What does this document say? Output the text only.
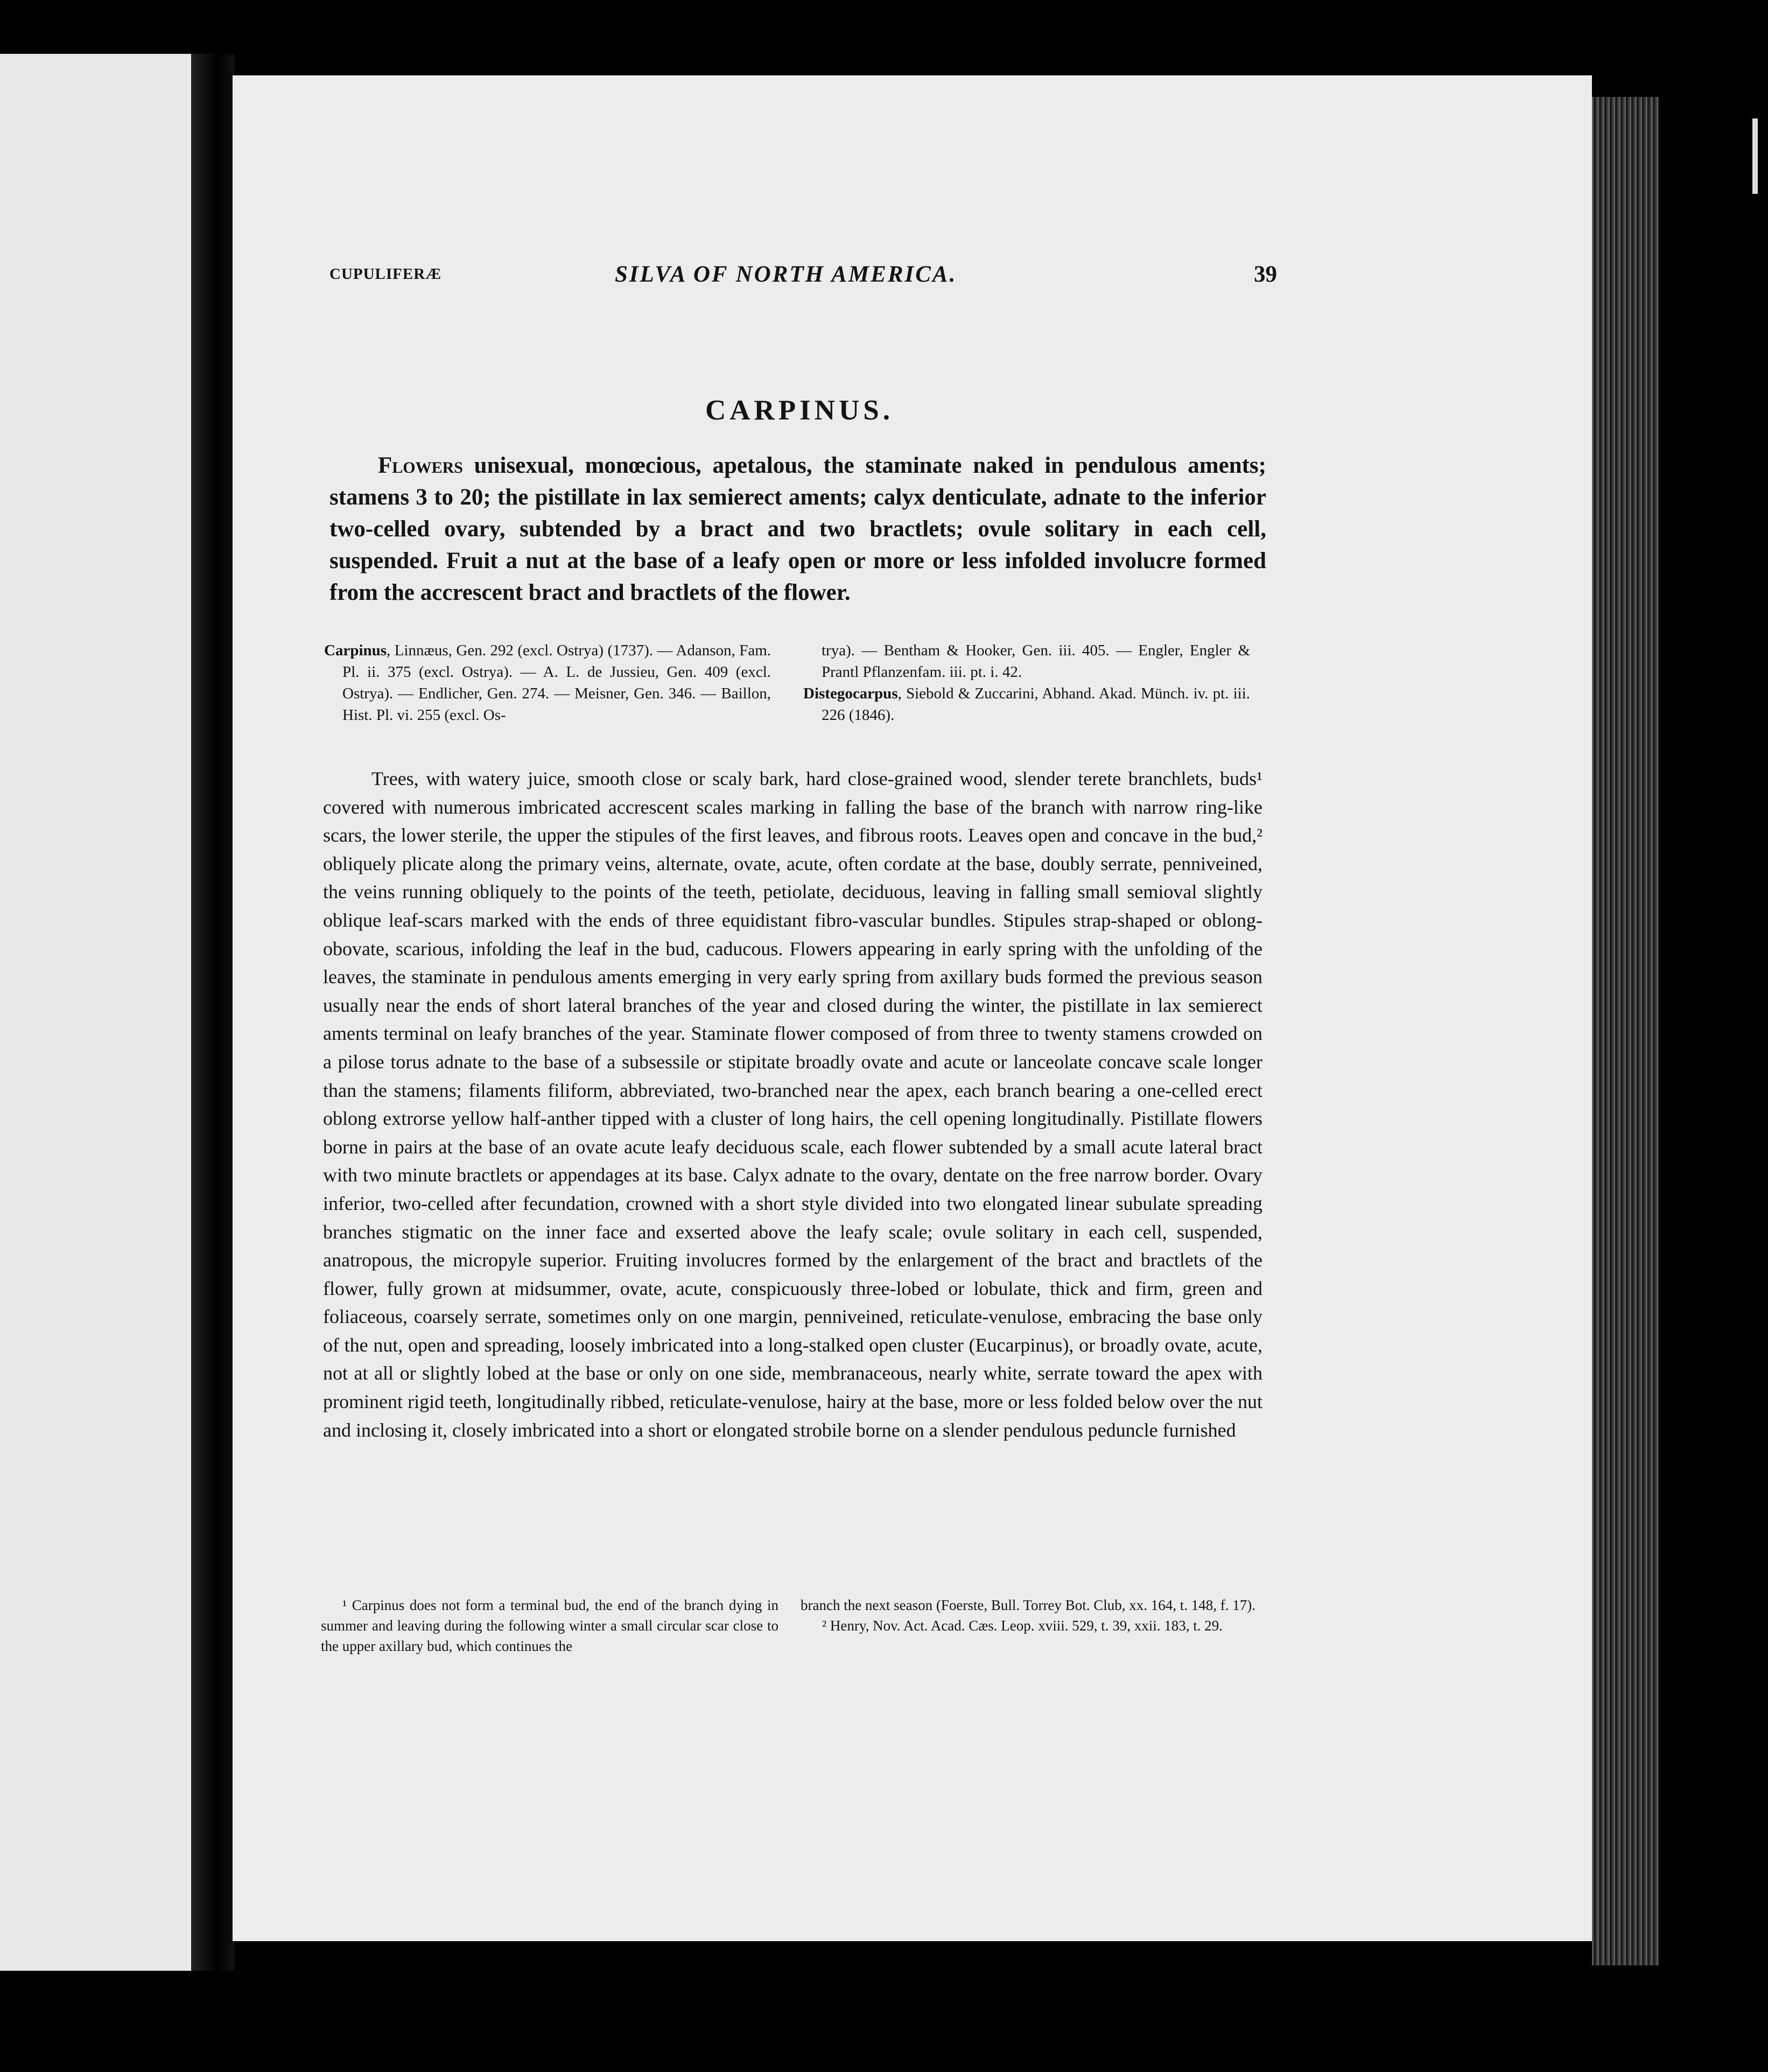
CUPULIFERÆ	SILVA OF NORTH AMERICA.	39
CARPINUS.
Flowers unisexual, monœcious, apetalous, the staminate naked in pendulous aments; stamens 3 to 20; the pistillate in lax semierect aments; calyx denticulate, adnate to the inferior two-celled ovary, subtended by a bract and two bractlets; ovule solitary in each cell, suspended. Fruit a nut at the base of a leafy open or more or less infolded involucre formed from the accrescent bract and bractlets of the flower.

Carpinus, Linnæus, Gen. 292 (excl. Ostrya) (1737). — Adanson, Fam. Pl. ii. 375 (excl. Ostrya). — A. L. de Jussieu, Gen. 409 (excl. Ostrya). — Endlicher, Gen. 274. — Meisner, Gen. 346. — Baillon, Hist. Pl. vi. 255 (excl. Os-

trya). — Bentham & Hooker, Gen. iii. 405. — Engler, Engler & Prantl Pflanzenfam. iii. pt. i. 42.

Distegocarpus, Siebold & Zuccarini, Abhand. Akad. Münch. iv. pt. iii. 226 (1846).

Trees, with watery juice, smooth close or scaly bark, hard close-grained wood, slender terete branchlets, buds¹ covered with numerous imbricated accrescent scales marking in falling the base of the branch with narrow ring-like scars, the lower sterile, the upper the stipules of the first leaves, and fibrous roots. Leaves open and concave in the bud,² obliquely plicate along the primary veins, alternate, ovate, acute, often cordate at the base, doubly serrate, penniveined, the veins running obliquely to the points of the teeth, petiolate, deciduous, leaving in falling small semioval slightly oblique leaf-scars marked with the ends of three equidistant fibro-vascular bundles. Stipules strap-shaped or oblong-obovate, scarious, infolding the leaf in the bud, caducous. Flowers appearing in early spring with the unfolding of the leaves, the staminate in pendulous aments emerging in very early spring from axillary buds formed the previous season usually near the ends of short lateral branches of the year and closed during the winter, the pistillate in lax semierect aments terminal on leafy branches of the year. Staminate flower composed of from three to twenty stamens crowded on a pilose torus adnate to the base of a subsessile or stipitate broadly ovate and acute or lanceolate concave scale longer than the stamens; filaments filiform, abbreviated, two-branched near the apex, each branch bearing a one-celled erect oblong extrorse yellow half-anther tipped with a cluster of long hairs, the cell opening longitudinally. Pistillate flowers borne in pairs at the base of an ovate acute leafy deciduous scale, each flower subtended by a small acute lateral bract with two minute bractlets or appendages at its base. Calyx adnate to the ovary, dentate on the free narrow border. Ovary inferior, two-celled after fecundation, crowned with a short style divided into two elongated linear subulate spreading branches stigmatic on the inner face and exserted above the leafy scale; ovule solitary in each cell, suspended, anatropous, the micropyle superior. Fruiting involucres formed by the enlargement of the bract and bractlets of the flower, fully grown at midsummer, ovate, acute, conspicuously three-lobed or lobulate, thick and firm, green and foliaceous, coarsely serrate, sometimes only on one margin, penniveined, reticulate-venulose, embracing the base only of the nut, open and spreading, loosely imbricated into a long-stalked open cluster (Eucarpinus), or broadly ovate, acute, not at all or slightly lobed at the base or only on one side, membranaceous, nearly white, serrate toward the apex with prominent rigid teeth, longitudinally ribbed, reticulate-venulose, hairy at the base, more or less folded below over the nut and inclosing it, closely imbricated into a short or elongated strobile borne on a slender pendulous peduncle furnished

¹ Carpinus does not form a terminal bud, the end of the branch dying in summer and leaving during the following winter a small circular scar close to the upper axillary bud, which continues the

branch the next season (Foerste, Bull. Torrey Bot. Club, xx. 164, t. 148, f. 17).

² Henry, Nov. Act. Acad. Cæs. Leop. xviii. 529, t. 39, xxii. 183, t. 29.
